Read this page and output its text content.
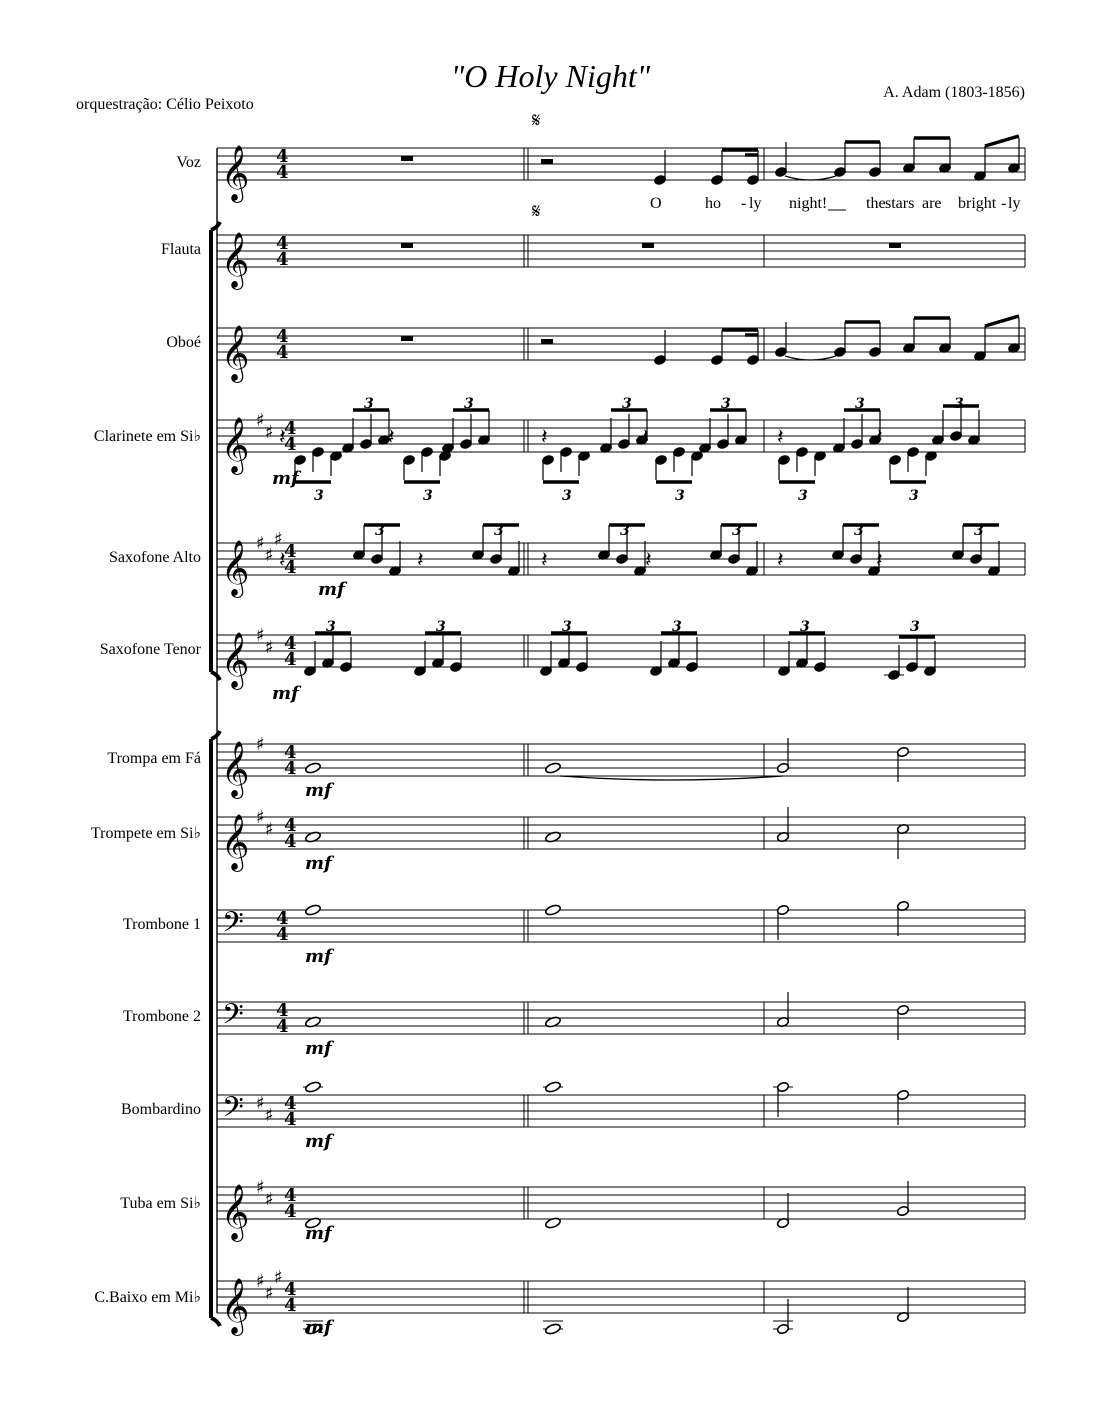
"O Holy Night"	A. Adam (1803-1856)
orquestração: Célio Peixoto
Voz
Flauta
Oboé
Clarinete em Si♭
Saxofone Alto
Saxofone Tenor
Trompa em Fá
Trompete em Si♭
Trombone 1
Trombone 2
Bombardino
Tuba em Si♭
C.Baixo em Mi♭
O	ho - ly night! the stars are bright - ly
𝄞 4
4
𝄞 4
4
𝄞 4
4
𝄞 ♯
♯ 4
4
𝄞 ♯
♯
♯
4
4
𝄞 ♯
♯ 4
4
𝄞 ♯ 4
4
𝄞 ♯
♯ 4
4
𝄢 4
4
𝄢 4
4
𝄢 ♯
♯
4
4
𝄞 ♯
♯ 4
4
𝄞 ♯
♯
♯
4
4
𝄋
𝄋
𝄽
3
𝄽
3
𝄽
3
𝄽
3
𝄽
3
𝄽
3
3	3	3	3	3	3
mf
𝄽
3
𝄽
3
𝄽
3
𝄽
3
𝄽
3
𝄽
3
mf
3	3	3	3	3	3
mf
mf
mf
mf
mf
mf
mf
mf
